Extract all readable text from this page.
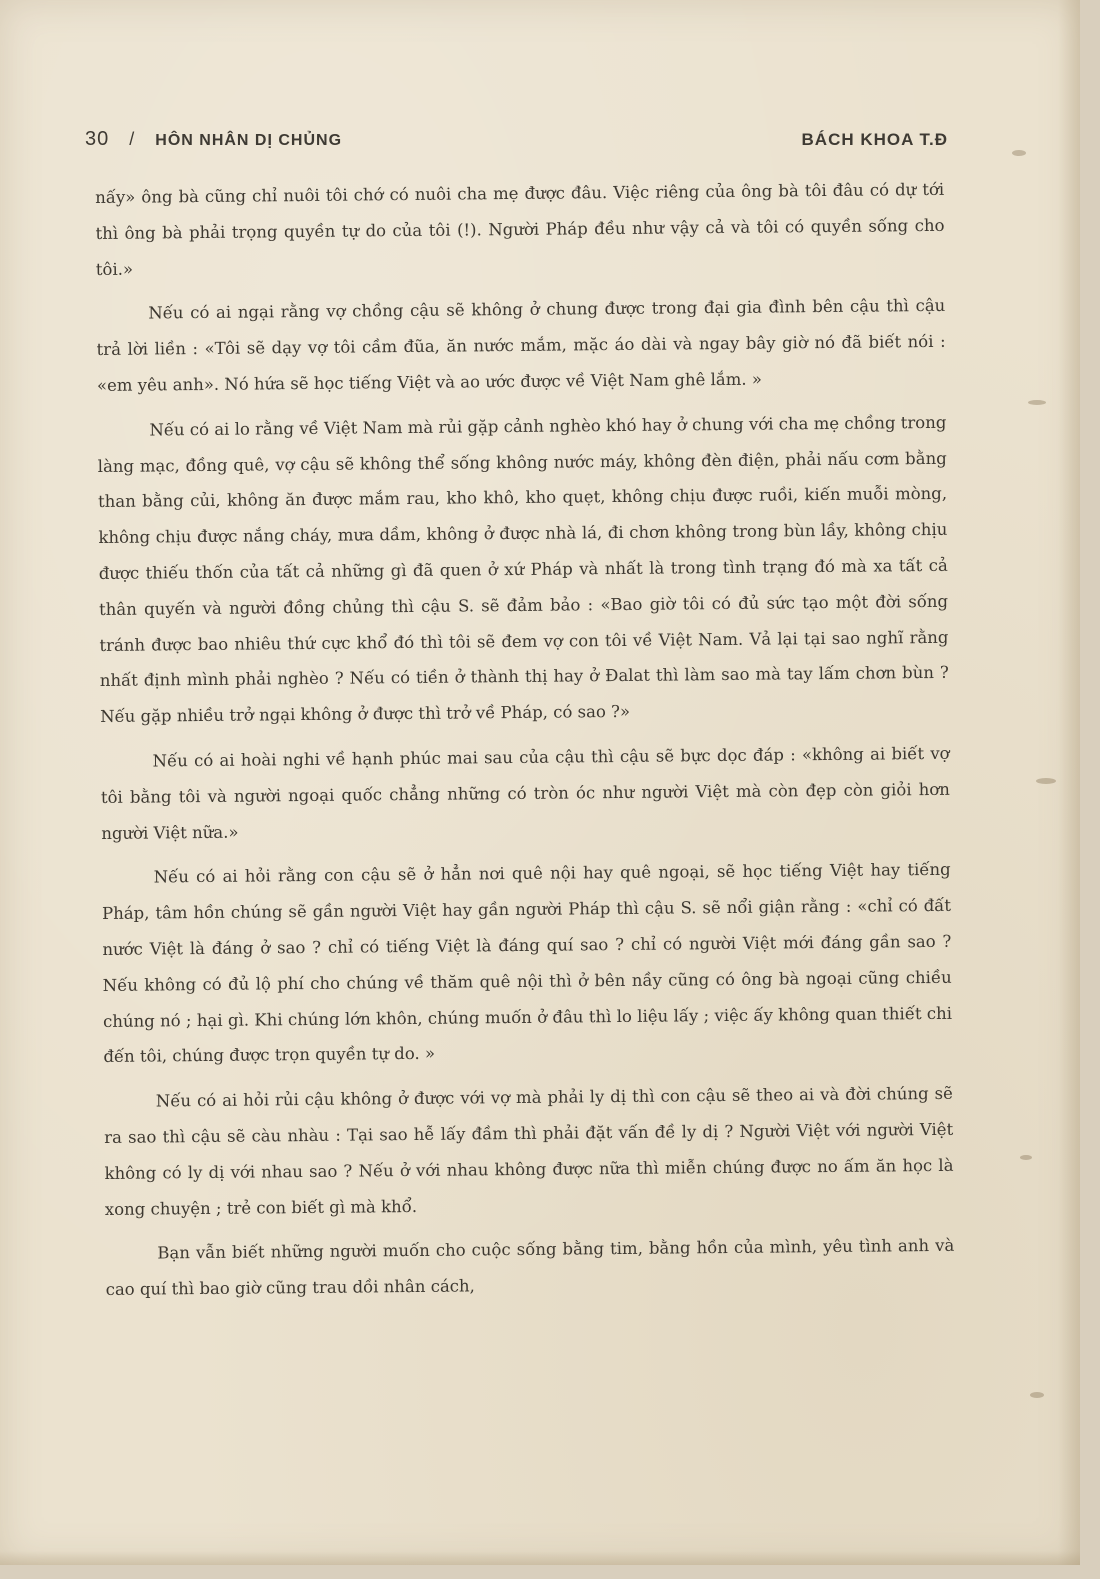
30 / HÔN NHÂN DỊ CHỦNG	BÁCH KHOA T.Đ

nấy» ông bà cũng chỉ nuôi tôi chớ có nuôi cha mẹ được đâu. Việc riêng của ông bà tôi đâu có dự tới thì ông bà phải trọng quyền tự do của tôi (!). Người Pháp đều như vậy cả và tôi có quyền sống cho tôi.»

Nếu có ai ngại rằng vợ chồng cậu sẽ không ở chung được trong đại gia đình bên cậu thì cậu trả lời liền : «Tôi sẽ dạy vợ tôi cầm đũa, ăn nước mắm, mặc áo dài và ngay bây giờ nó đã biết nói : «em yêu anh». Nó hứa sẽ học tiếng Việt và ao ước được về Việt Nam ghê lắm. »

Nếu có ai lo rằng về Việt Nam mà rủi gặp cảnh nghèo khó hay ở chung với cha mẹ chồng trong làng mạc, đồng quê, vợ cậu sẽ không thể sống không nước máy, không đèn điện, phải nấu cơm bằng than bằng củi, không ăn được mắm rau, kho khô, kho quẹt, không chịu được ruồi, kiến muỗi mòng, không chịu được nắng cháy, mưa dầm, không ở được nhà lá, đi chơn không trong bùn lầy, không chịu được thiếu thốn của tất cả những gì đã quen ở xứ Pháp và nhất là trong tình trạng đó mà xa tất cả thân quyến và người đồng chủng thì cậu S. sẽ đảm bảo : «Bao giờ tôi có đủ sức tạo một đời sống tránh được bao nhiêu thứ cực khổ đó thì tôi sẽ đem vợ con tôi về Việt Nam. Vả lại tại sao nghĩ rằng nhất định mình phải nghèo ? Nếu có tiền ở thành thị hay ở Đalat thì làm sao mà tay lấm chơn bùn ? Nếu gặp nhiều trở ngại không ở được thì trở về Pháp, có sao ?»

Nếu có ai hoài nghi về hạnh phúc mai sau của cậu thì cậu sẽ bực dọc đáp : «không ai biết vợ tôi bằng tôi và người ngoại quốc chẳng những có tròn óc như người Việt mà còn đẹp còn giỏi hơn người Việt nữa.»

Nếu có ai hỏi rằng con cậu sẽ ở hẳn nơi quê nội hay quê ngoại, sẽ học tiếng Việt hay tiếng Pháp, tâm hồn chúng sẽ gần người Việt hay gần người Pháp thì cậu S. sẽ nổi giận rằng : «chỉ có đất nước Việt là đáng ở sao ? chỉ có tiếng Việt là đáng quí sao ? chỉ có người Việt mới đáng gần sao ? Nếu không có đủ lộ phí cho chúng về thăm quê nội thì ở bên nầy cũng có ông bà ngoại cũng chiều chúng nó ; hại gì. Khi chúng lớn khôn, chúng muốn ở đâu thì lo liệu lấy ; việc ấy không quan thiết chi đến tôi, chúng được trọn quyền tự do. »

Nếu có ai hỏi rủi cậu không ở được với vợ mà phải ly dị thì con cậu sẽ theo ai và đời chúng sẽ ra sao thì cậu sẽ càu nhàu : Tại sao hễ lấy đầm thì phải đặt vấn đề ly dị ? Người Việt với người Việt không có ly dị với nhau sao ? Nếu ở với nhau không được nữa thì miễn chúng được no ấm ăn học là xong chuyện ; trẻ con biết gì mà khổ.

Bạn vẫn biết những người muốn cho cuộc sống bằng tim, bằng hồn của mình, yêu tình anh và cao quí thì bao giờ cũng trau dồi nhân cách,
